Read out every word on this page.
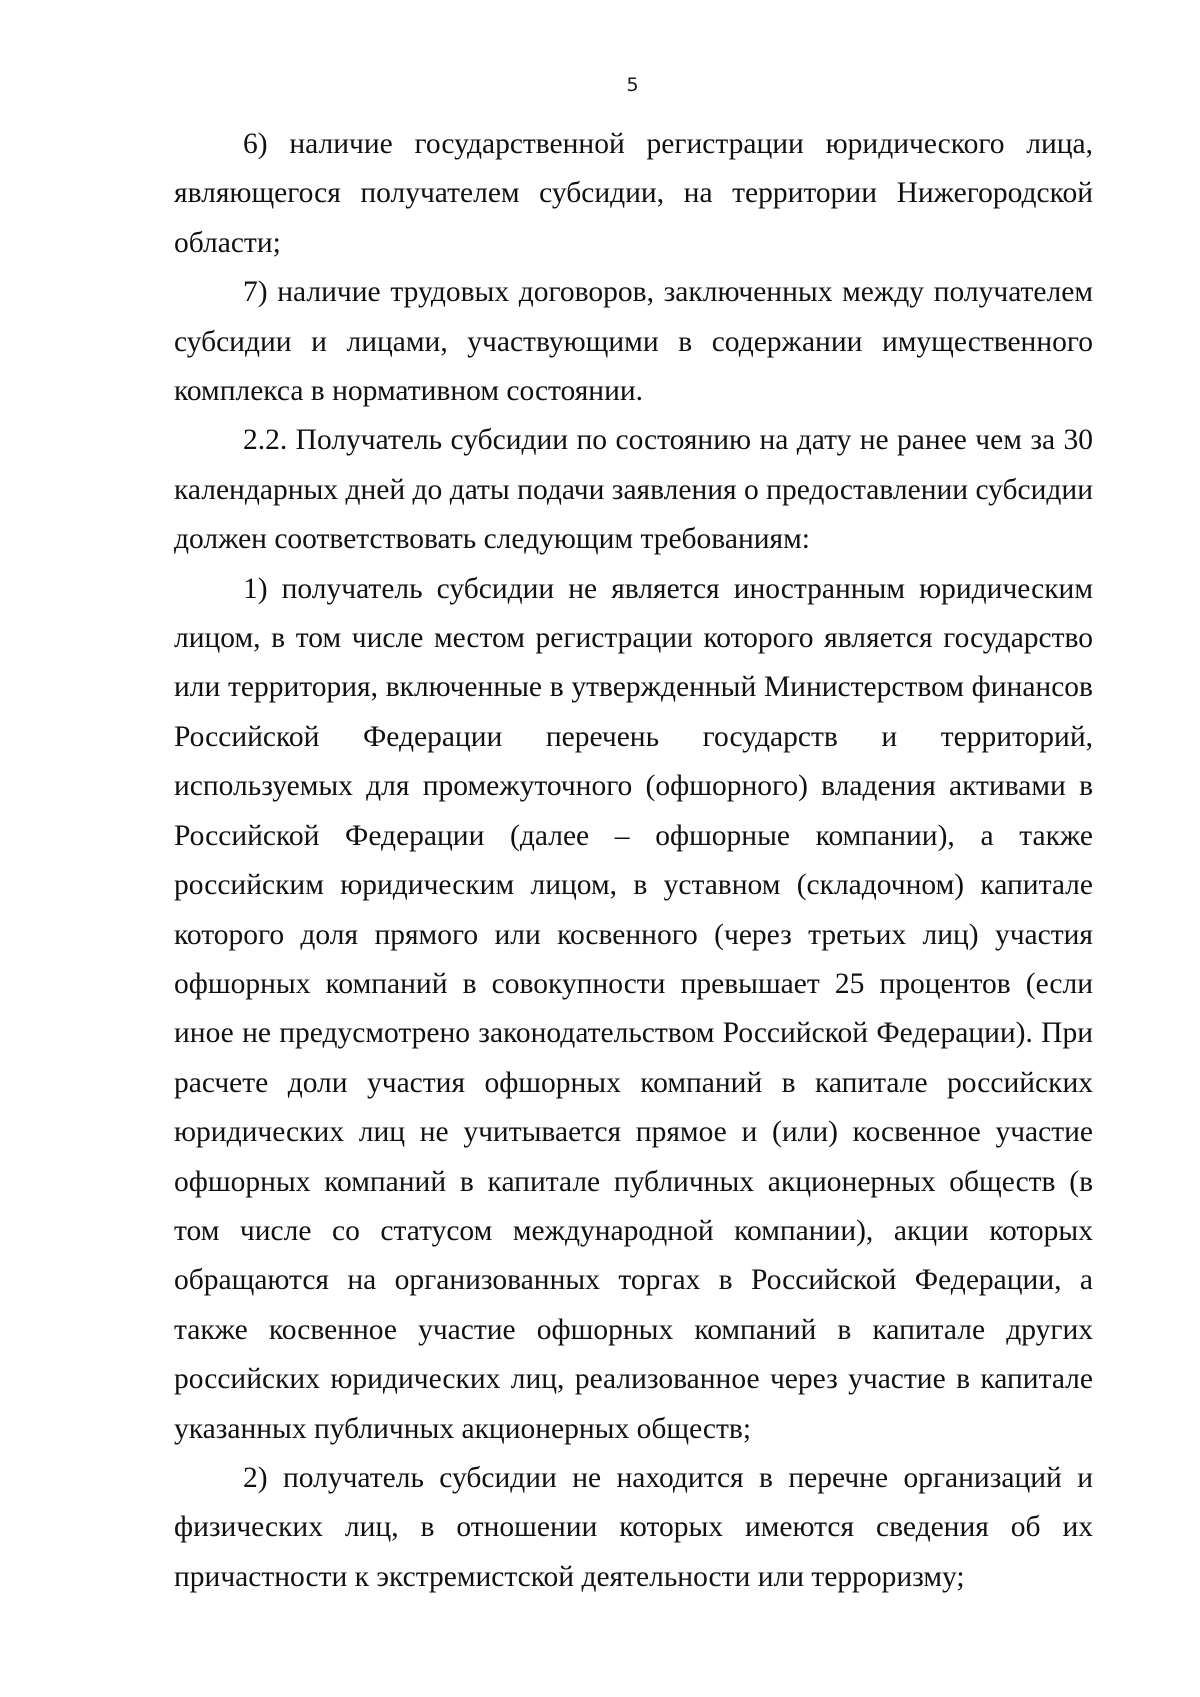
5

6) наличие государственной регистрации юридического лица, являющегося получателем субсидии, на территории Нижегородской области;

7) наличие трудовых договоров, заключенных между получателем субсидии и лицами, участвующими в содержании имущественного комплекса в нормативном состоянии.

2.2. Получатель субсидии по состоянию на дату не ранее чем за 30 календарных дней до даты подачи заявления о предоставлении субсидии должен соответствовать следующим требованиям:

1) получатель субсидии не является иностранным юридическим лицом, в том числе местом регистрации которого является государство или территория, включенные в утвержденный Министерством финансов Российской Федерации перечень государств и территорий, используемых для промежуточного (офшорного) владения активами в Российской Федерации (далее – офшорные компании), а также российским юридическим лицом, в уставном (складочном) капитале которого доля прямого или косвенного (через третьих лиц) участия офшорных компаний в совокупности превышает 25 процентов (если иное не предусмотрено законодательством Российской Федерации). При расчете доли участия офшорных компаний в капитале российских юридических лиц не учитывается прямое и (или) косвенное участие офшорных компаний в капитале публичных акционерных обществ (в том числе со статусом международной компании), акции которых обращаются на организованных торгах в Российской Федерации, а также косвенное участие офшорных компаний в капитале других российских юридических лиц, реализованное через участие в капитале указанных публичных акционерных обществ;

2) получатель субсидии не находится в перечне организаций и физических лиц, в отношении которых имеются сведения об их причастности к экстремистской деятельности или терроризму;
